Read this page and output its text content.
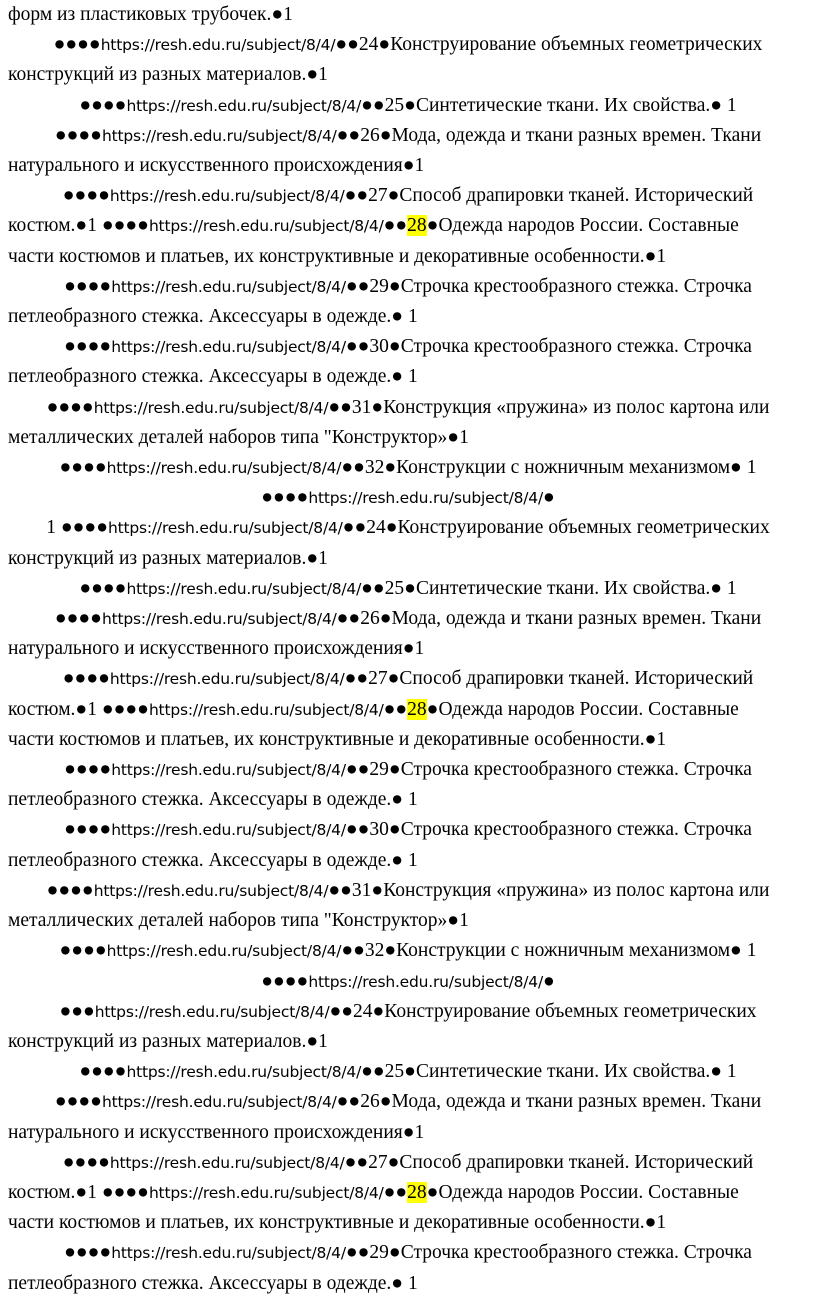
форм из пластиковых трубочек.●1

●●●●https://resh.edu.ru/subject/8/4/●●24●Конструирование объемных геометрических

конструкций из разных материалов.●1

●●●●https://resh.edu.ru/subject/8/4/●●25●Синтетические ткани. Их свойства.● 1

●●●●https://resh.edu.ru/subject/8/4/●●26●Мода, одежда и ткани разных времен. Ткани

натурального и искусственного происхождения●1

●●●●https://resh.edu.ru/subject/8/4/●●27●Способ драпировки тканей. Исторический

костюм.●1 ●●●●https://resh.edu.ru/subject/8/4/●●28●Одежда народов России. Составные

части костюмов и платьев, их конструктивные и декоративные особенности.●1

●●●●https://resh.edu.ru/subject/8/4/●●29●Строчка крестообразного стежка. Строчка

петлеобразного стежка. Аксессуары в одежде.● 1

●●●●https://resh.edu.ru/subject/8/4/●●30●Строчка крестообразного стежка. Строчка

петлеобразного стежка. Аксессуары в одежде.● 1

●●●●https://resh.edu.ru/subject/8/4/●●31●Конструкция «пружина» из полос картона или

металлических деталей наборов типа "Конструктор»●1

●●●●https://resh.edu.ru/subject/8/4/●●32●Конструкции с ножничным механизмом● 1

●●●●https://resh.edu.ru/subject/8/4/●

1 ●●●●https://resh.edu.ru/subject/8/4/●●24●Конструирование объемных геометрических

конструкций из разных материалов.●1

●●●●https://resh.edu.ru/subject/8/4/●●25●Синтетические ткани. Их свойства.● 1

●●●●https://resh.edu.ru/subject/8/4/●●26●Мода, одежда и ткани разных времен. Ткани

натурального и искусственного происхождения●1

●●●●https://resh.edu.ru/subject/8/4/●●27●Способ драпировки тканей. Исторический

костюм.●1 ●●●●https://resh.edu.ru/subject/8/4/●●28●Одежда народов России. Составные

части костюмов и платьев, их конструктивные и декоративные особенности.●1

●●●●https://resh.edu.ru/subject/8/4/●●29●Строчка крестообразного стежка. Строчка

петлеобразного стежка. Аксессуары в одежде.● 1

●●●●https://resh.edu.ru/subject/8/4/●●30●Строчка крестообразного стежка. Строчка

петлеобразного стежка. Аксессуары в одежде.● 1

●●●●https://resh.edu.ru/subject/8/4/●●31●Конструкция «пружина» из полос картона или

металлических деталей наборов типа "Конструктор»●1

●●●●https://resh.edu.ru/subject/8/4/●●32●Конструкции с ножничным механизмом● 1

●●●●https://resh.edu.ru/subject/8/4/●

●●●https://resh.edu.ru/subject/8/4/●●24●Конструирование объемных геометрических

конструкций из разных материалов.●1

●●●●https://resh.edu.ru/subject/8/4/●●25●Синтетические ткани. Их свойства.● 1

●●●●https://resh.edu.ru/subject/8/4/●●26●Мода, одежда и ткани разных времен. Ткани

натурального и искусственного происхождения●1

●●●●https://resh.edu.ru/subject/8/4/●●27●Способ драпировки тканей. Исторический

костюм.●1 ●●●●https://resh.edu.ru/subject/8/4/●●28●Одежда народов России. Составные

части костюмов и платьев, их конструктивные и декоративные особенности.●1

●●●●https://resh.edu.ru/subject/8/4/●●29●Строчка крестообразного стежка. Строчка

петлеобразного стежка. Аксессуары в одежде.● 1
